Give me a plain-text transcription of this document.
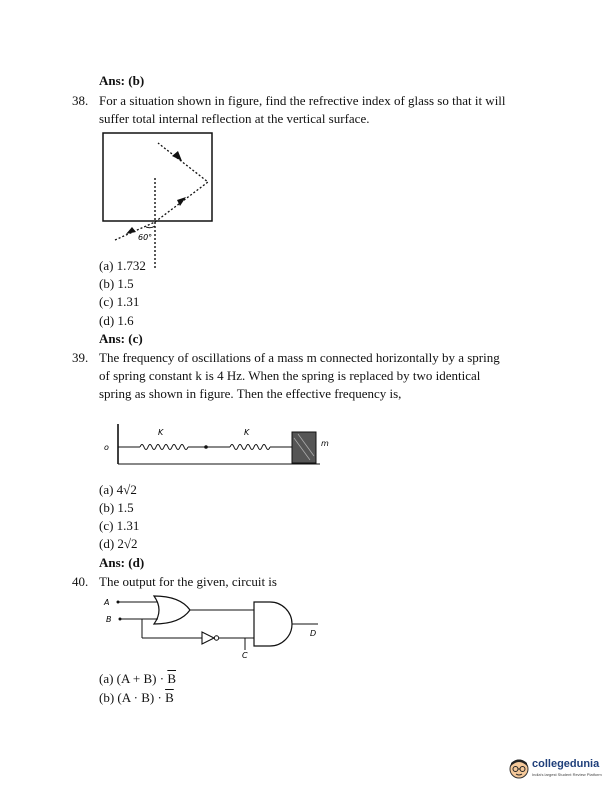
Ans: (b)
38. For a situation shown in figure, find the refrective index of glass so that it will
suffer total internal reflection at the vertical surface.
60°
(a) 1.732
(b) 1.5
(c) 1.31
(d) 1.6
Ans: (c)
39. The frequency of oscillations of a mass m connected horizontally by a spring
of spring constant k is 4 Hz. When the spring is replaced by two identical
spring as shown in figure. Then the effective frequency is,
o
K	K
m
(a) 4√2
(b) 1.5
(c) 1.31
(d) 2√2
Ans: (d)
40. The output for the given, circuit is
A
B
C
D
(a) $(A + B) \cdot \overline{B}$
(b) $(A \cdot B) \cdot \overline{B}$
collegedunia
India's largest Student Review Platform
